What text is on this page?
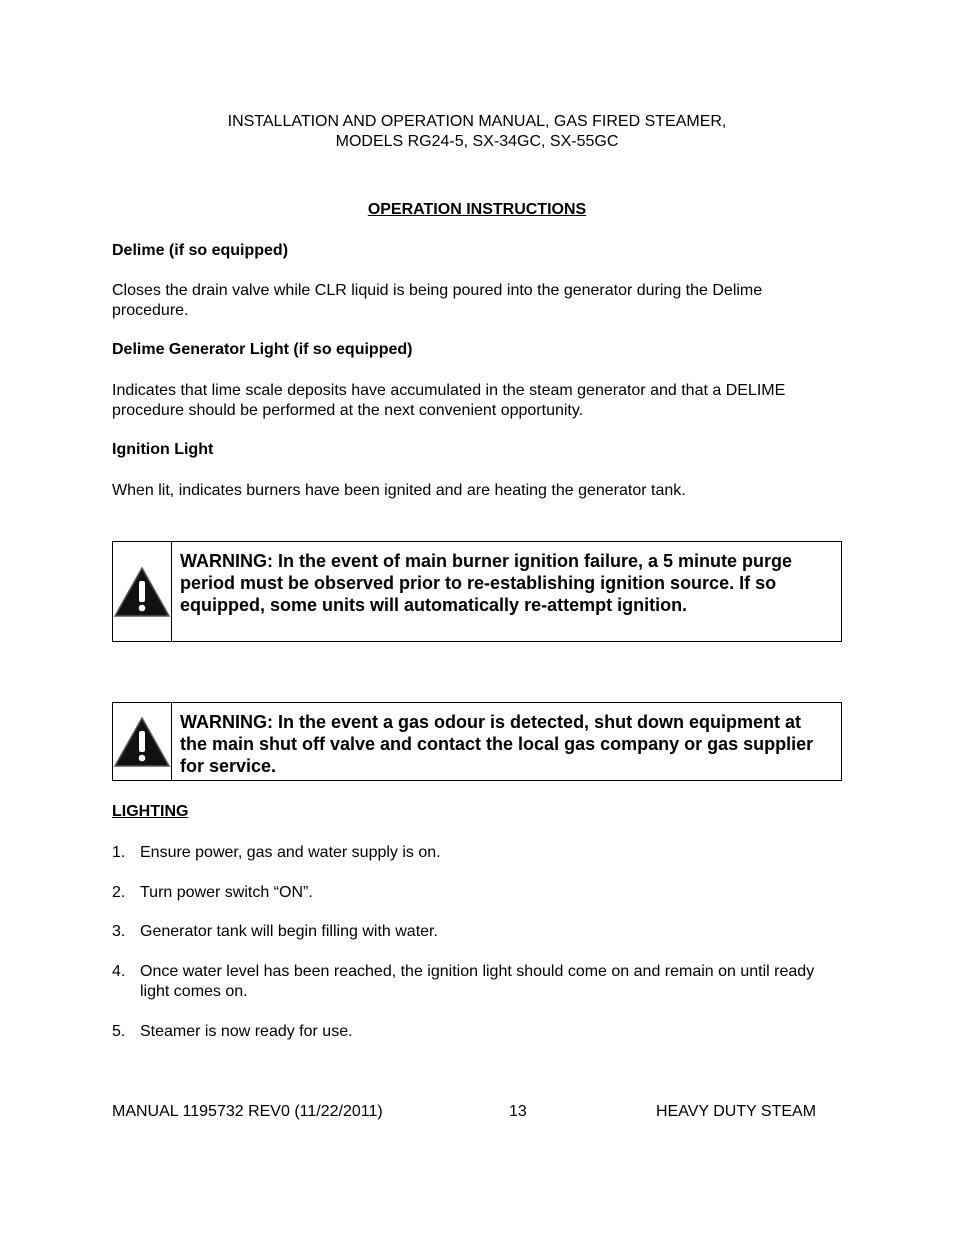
INSTALLATION AND OPERATION MANUAL, GAS FIRED STEAMER,
MODELS RG24-5, SX-34GC, SX-55GC
OPERATION INSTRUCTIONS
Delime (if so equipped)
Closes the drain valve while CLR liquid is being poured into the generator during the Delime procedure.
Delime Generator Light (if so equipped)
Indicates that lime scale deposits have accumulated in the steam generator and that a DELIME procedure should be performed at the next convenient opportunity.
Ignition Light
When lit, indicates burners have been ignited and are heating the generator tank.
WARNING: In the event of main burner ignition failure, a 5 minute purge period must be observed prior to re-establishing ignition source. If so equipped, some units will automatically re-attempt ignition.
WARNING: In the event a gas odour is detected, shut down equipment at the main shut off valve and contact the local gas company or gas supplier for service.
LIGHTING
1. Ensure power, gas and water supply is on.
2. Turn power switch “ON”.
3. Generator tank will begin filling with water.
4. Once water level has been reached, the ignition light should come on and remain on until ready light comes on.
5. Steamer is now ready for use.
MANUAL 1195732 REV0 (11/22/2011)	13	HEAVY DUTY STEAM
